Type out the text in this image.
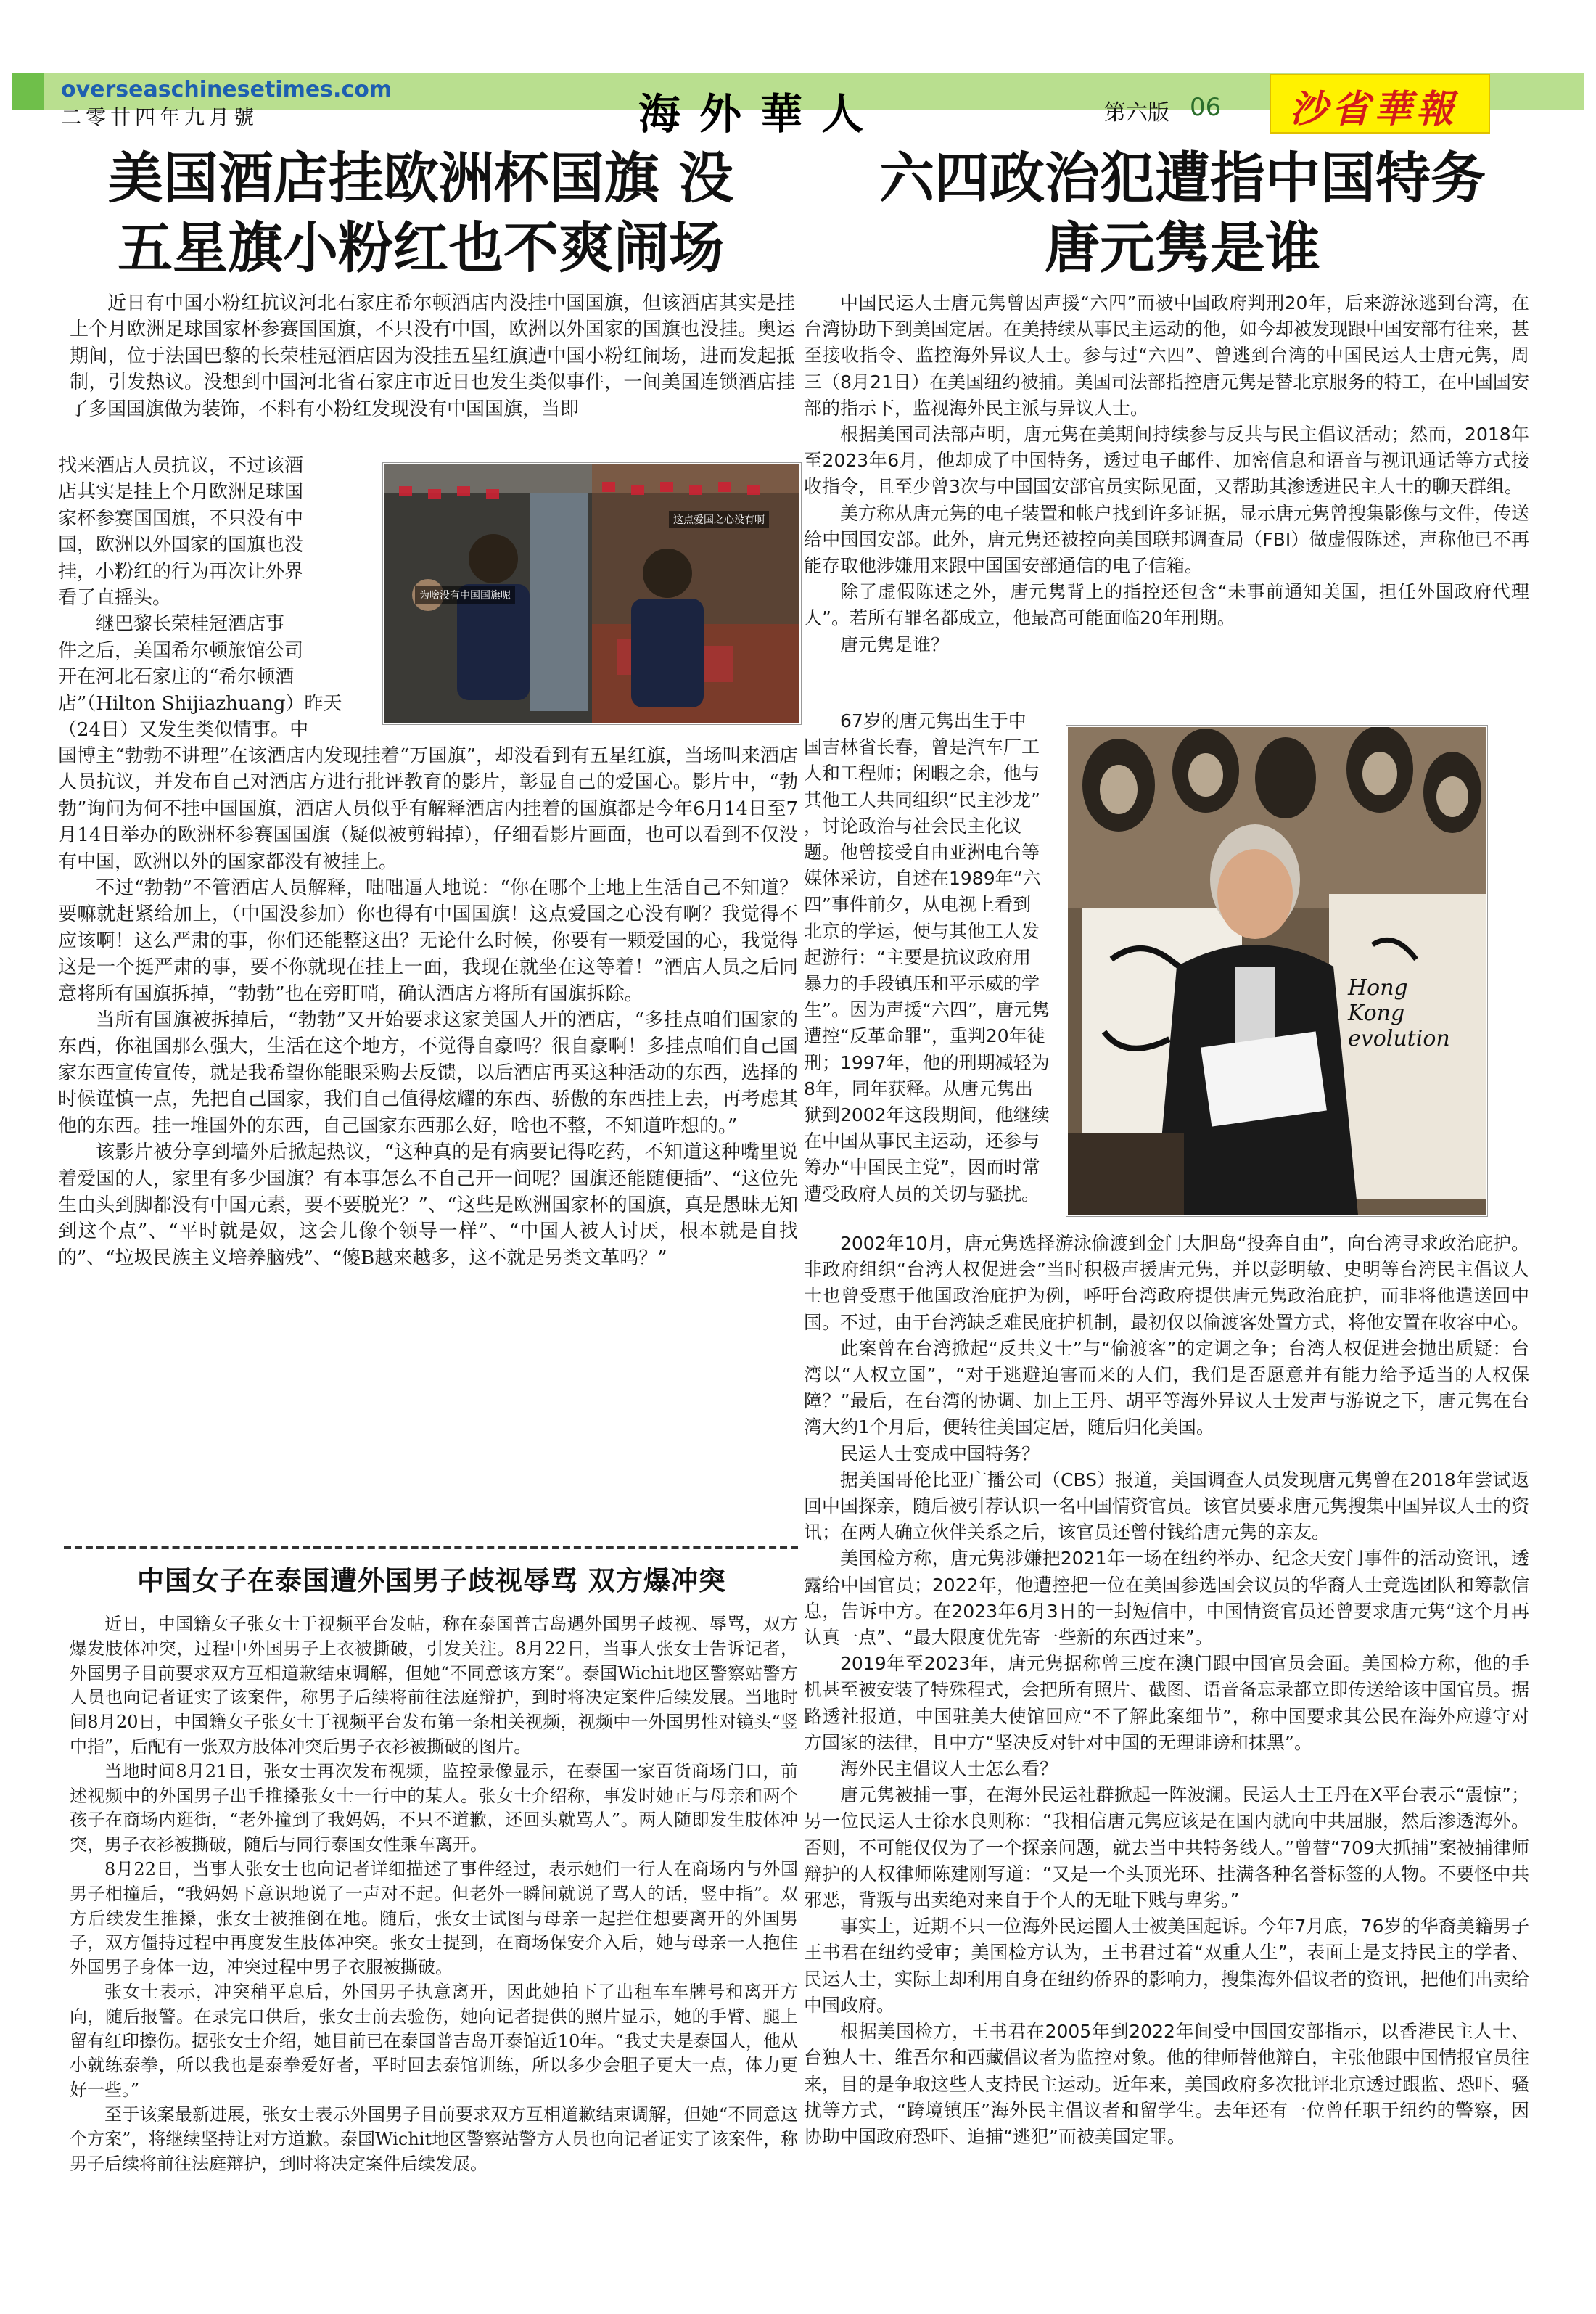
overseaschinesetimes.com
二零廿四年九月號	海外華人	第六版 06 沙省華報
美国酒店挂欧洲杯国旗 没
五星旗小粉红也不爽闹场
六四政治犯遭指中国特务
唐元隽是谁

近日有中国小粉红抗议河北石家庄希尔顿酒店内没挂中国国旗，但该酒店其实是挂上个月欧洲足球国家杯参赛国国旗，不只没有中国，欧洲以外国家的国旗也没挂。奥运期间，位于法国巴黎的长荣桂冠酒店因为没挂五星红旗遭中国小粉红闹场，进而发起抵制，引发热议。没想到中国河北省石家庄市近日也发生类似事件，一间美国连锁酒店挂了多国国旗做为装饰，不料有小粉红发现没有中国国旗，当即

找来酒店人员抗议，不过该酒
店其实是挂上个月欧洲足球国
家杯参赛国国旗，不只没有中
国，欧洲以外国家的国旗也没
挂，小粉红的行为再次让外界
看了直摇头。
继巴黎长荣桂冠酒店事
件之后，美国希尔顿旅馆公司
开在河北石家庄的“希尔顿酒
店”（Hilton Shijiazhuang）昨天
（24日）又发生类似情事。中
为啥没有中国国旗呢
这点爱国之心没有啊

国博主“勃勃不讲理”在该酒店内发现挂着“万国旗”，却没看到有五星红旗，当场叫来酒店人员抗议，并发布自己对酒店方进行批评教育的影片，彰显自己的爱国心。影片中，“勃勃”询问为何不挂中国国旗，酒店人员似乎有解释酒店内挂着的国旗都是今年6月14日至7月14日举办的欧洲杯参赛国国旗（疑似被剪辑掉），仔细看影片画面，也可以看到不仅没有中国，欧洲以外的国家都没有被挂上。

不过“勃勃”不管酒店人员解释，咄咄逼人地说：“你在哪个土地上生活自己不知道？要嘛就赶紧给加上，（中国没参加）你也得有中国国旗！这点爱国之心没有啊？我觉得不应该啊！这么严肃的事，你们还能整这出？无论什么时候，你要有一颗爱国的心，我觉得这是一个挺严肃的事，要不你就现在挂上一面，我现在就坐在这等着！”酒店人员之后同意将所有国旗拆掉，“勃勃”也在旁盯哨，确认酒店方将所有国旗拆除。

当所有国旗被拆掉后，“勃勃”又开始要求这家美国人开的酒店，“多挂点咱们国家的东西，你祖国那么强大，生活在这个地方，不觉得自豪吗？很自豪啊！多挂点咱们自己国家东西宣传宣传，就是我希望你能眼采购去反馈，以后酒店再买这种活动的东西，选择的时候谨慎一点，先把自己国家，我们自己值得炫耀的东西、骄傲的东西挂上去，再考虑其他的东西。挂一堆国外的东西，自己国家东西那么好，啥也不整，不知道咋想的。”

该影片被分享到墙外后掀起热议，“这种真的是有病要记得吃药，不知道这种嘴里说着爱国的人，家里有多少国旗？有本事怎么不自己开一间呢？国旗还能随便插”、“这位先生由头到脚都没有中国元素，要不要脱光？”、“这些是欧洲国家杯的国旗，真是愚昧无知到这个点”、“平时就是奴，这会儿像个领导一样”、“中国人被人讨厌，根本就是自找的”、“垃圾民族主义培养脑残”、“傻B越来越多，这不就是另类文革吗？”

中国女子在泰国遭外国男子歧视辱骂 双方爆冲突

近日，中国籍女子张女士于视频平台发帖，称在泰国普吉岛遇外国男子歧视、辱骂，双方爆发肢体冲突，过程中外国男子上衣被撕破，引发关注。8月22日，当事人张女士告诉记者，外国男子目前要求双方互相道歉结束调解，但她“不同意该方案”。泰国Wichit地区警察站警方人员也向记者证实了该案件，称男子后续将前往法庭辩护，到时将决定案件后续发展。当地时间8月20日，中国籍女子张女士于视频平台发布第一条相关视频，视频中一外国男性对镜头“竖中指”，后配有一张双方肢体冲突后男子衣衫被撕破的图片。

当地时间8月21日，张女士再次发布视频，监控录像显示，在泰国一家百货商场门口，前述视频中的外国男子出手推搡张女士一行中的某人。张女士介绍称，事发时她正与母亲和两个孩子在商场内逛街，“老外撞到了我妈妈，不只不道歉，还回头就骂人”。两人随即发生肢体冲突，男子衣衫被撕破，随后与同行泰国女性乘车离开。

8月22日，当事人张女士也向记者详细描述了事件经过，表示她们一行人在商场内与外国男子相撞后，“我妈妈下意识地说了一声对不起。但老外一瞬间就说了骂人的话，竖中指”。双方后续发生推搡，张女士被推倒在地。随后，张女士试图与母亲一起拦住想要离开的外国男子，双方僵持过程中再度发生肢体冲突。张女士提到，在商场保安介入后，她与母亲一人抱住外国男子身体一边，冲突过程中男子衣服被撕破。

张女士表示，冲突稍平息后，外国男子执意离开，因此她拍下了出租车车牌号和离开方向，随后报警。在录完口供后，张女士前去验伤，她向记者提供的照片显示，她的手臂、腿上留有红印擦伤。据张女士介绍，她目前已在泰国普吉岛开泰馆近10年。“我丈夫是泰国人，他从小就练泰拳，所以我也是泰拳爱好者，平时回去泰馆训练，所以多少会胆子更大一点，体力更好一些。”

至于该案最新进展，张女士表示外国男子目前要求双方互相道歉结束调解，但她“不同意这个方案”，将继续坚持让对方道歉。泰国Wichit地区警察站警方人员也向记者证实了该案件，称男子后续将前往法庭辩护，到时将决定案件后续发展。

中国民运人士唐元隽曾因声援“六四”而被中国政府判刑20年，后来游泳逃到台湾，在台湾协助下到美国定居。在美持续从事民主运动的他，如今却被发现跟中国安部有往来，甚至接收指令、监控海外异议人士。参与过“六四”、曾逃到台湾的中国民运人士唐元隽，周三（8月21日）在美国纽约被捕。美国司法部指控唐元隽是替北京服务的特工，在中国国安部的指示下，监视海外民主派与异议人士。

根据美国司法部声明，唐元隽在美期间持续参与反共与民主倡议活动；然而，2018年至2023年6月，他却成了中国特务，透过电子邮件、加密信息和语音与视讯通话等方式接收指令，且至少曾3次与中国国安部官员实际见面，又帮助其渗透进民主人士的聊天群组。

美方称从唐元隽的电子装置和帐户找到许多证据，显示唐元隽曾搜集影像与文件，传送给中国国安部。此外，唐元隽还被控向美国联邦调查局（FBI）做虚假陈述，声称他已不再能存取他涉嫌用来跟中国国安部通信的电子信箱。

除了虚假陈述之外，唐元隽背上的指控还包含“未事前通知美国，担任外国政府代理人”。若所有罪名都成立，他最高可能面临20年刑期。

唐元隽是谁？

67岁的唐元隽出生于中
国吉林省长春，曾是汽车厂工
人和工程师；闲暇之余，他与
其他工人共同组织“民主沙龙”
，讨论政治与社会民主化议
题。他曾接受自由亚洲电台等
媒体采访，自述在1989年“六
四”事件前夕，从电视上看到
北京的学运，便与其他工人发
起游行：“主要是抗议政府用
暴力的手段镇压和平示威的学
生”。因为声援“六四”，唐元隽
遭控“反革命罪”，重判20年徒
刑；1997年，他的刑期减轻为
8年，同年获释。从唐元隽出
狱到2002年这段期间，他继续
在中国从事民主运动，还参与
筹办“中国民主党”，因而时常
遭受政府人员的关切与骚扰。
Hong Kong evolution

2002年10月，唐元隽选择游泳偷渡到金门大胆岛“投奔自由”，向台湾寻求政治庇护。非政府组织“台湾人权促进会”当时积极声援唐元隽，并以彭明敏、史明等台湾民主倡议人士也曾受惠于他国政治庇护为例，呼吁台湾政府提供唐元隽政治庇护，而非将他遣送回中国。不过，由于台湾缺乏难民庇护机制，最初仅以偷渡客处置方式，将他安置在收容中心。

此案曾在台湾掀起“反共义士”与“偷渡客”的定调之争；台湾人权促进会抛出质疑：台湾以“人权立国”，“对于逃避迫害而来的人们，我们是否愿意并有能力给予适当的人权保障？”最后，在台湾的协调、加上王丹、胡平等海外异议人士发声与游说之下，唐元隽在台湾大约1个月后，便转往美国定居，随后归化美国。

民运人士变成中国特务？

据美国哥伦比亚广播公司（CBS）报道，美国调查人员发现唐元隽曾在2018年尝试返回中国探亲，随后被引荐认识一名中国情资官员。该官员要求唐元隽搜集中国异议人士的资讯；在两人确立伙伴关系之后，该官员还曾付钱给唐元隽的亲友。

美国检方称，唐元隽涉嫌把2021年一场在纽约举办、纪念天安门事件的活动资讯，透露给中国官员；2022年，他遭控把一位在美国参选国会议员的华裔人士竞选团队和筹款信息，告诉中方。在2023年6月3日的一封短信中，中国情资官员还曾要求唐元隽“这个月再认真一点”、“最大限度优先寄一些新的东西过来”。

2019年至2023年，唐元隽据称曾三度在澳门跟中国官员会面。美国检方称，他的手机甚至被安装了特殊程式，会把所有照片、截图、语音备忘录都立即传送给该中国官员。据路透社报道，中国驻美大使馆回应“不了解此案细节”，称中国要求其公民在海外应遵守对方国家的法律，且中方“坚决反对针对中国的无理诽谤和抹黑”。

海外民主倡议人士怎么看？

唐元隽被捕一事，在海外民运社群掀起一阵波澜。民运人士王丹在X平台表示“震惊”；另一位民运人士徐水良则称：“我相信唐元隽应该是在国内就向中共屈服，然后渗透海外。否则，不可能仅仅为了一个探亲问题，就去当中共特务线人。”曾替“709大抓捕”案被捕律师辩护的人权律师陈建刚写道：“又是一个头顶光环、挂满各种名誉标签的人物。不要怪中共邪恶，背叛与出卖绝对来自于个人的无耻下贱与卑劣。”

事实上，近期不只一位海外民运圈人士被美国起诉。今年7月底，76岁的华裔美籍男子王书君在纽约受审；美国检方认为，王书君过着“双重人生”，表面上是支持民主的学者、民运人士，实际上却利用自身在纽约侨界的影响力，搜集海外倡议者的资讯，把他们出卖给中国政府。

根据美国检方，王书君在2005年到2022年间受中国国安部指示，以香港民主人士、台独人士、维吾尔和西藏倡议者为监控对象。他的律师替他辩白，主张他跟中国情报官员往来，目的是争取这些人支持民主运动。近年来，美国政府多次批评北京透过跟监、恐吓、骚扰等方式，“跨境镇压”海外民主倡议者和留学生。去年还有一位曾任职于纽约的警察，因协助中国政府恐吓、追捕“逃犯”而被美国定罪。
